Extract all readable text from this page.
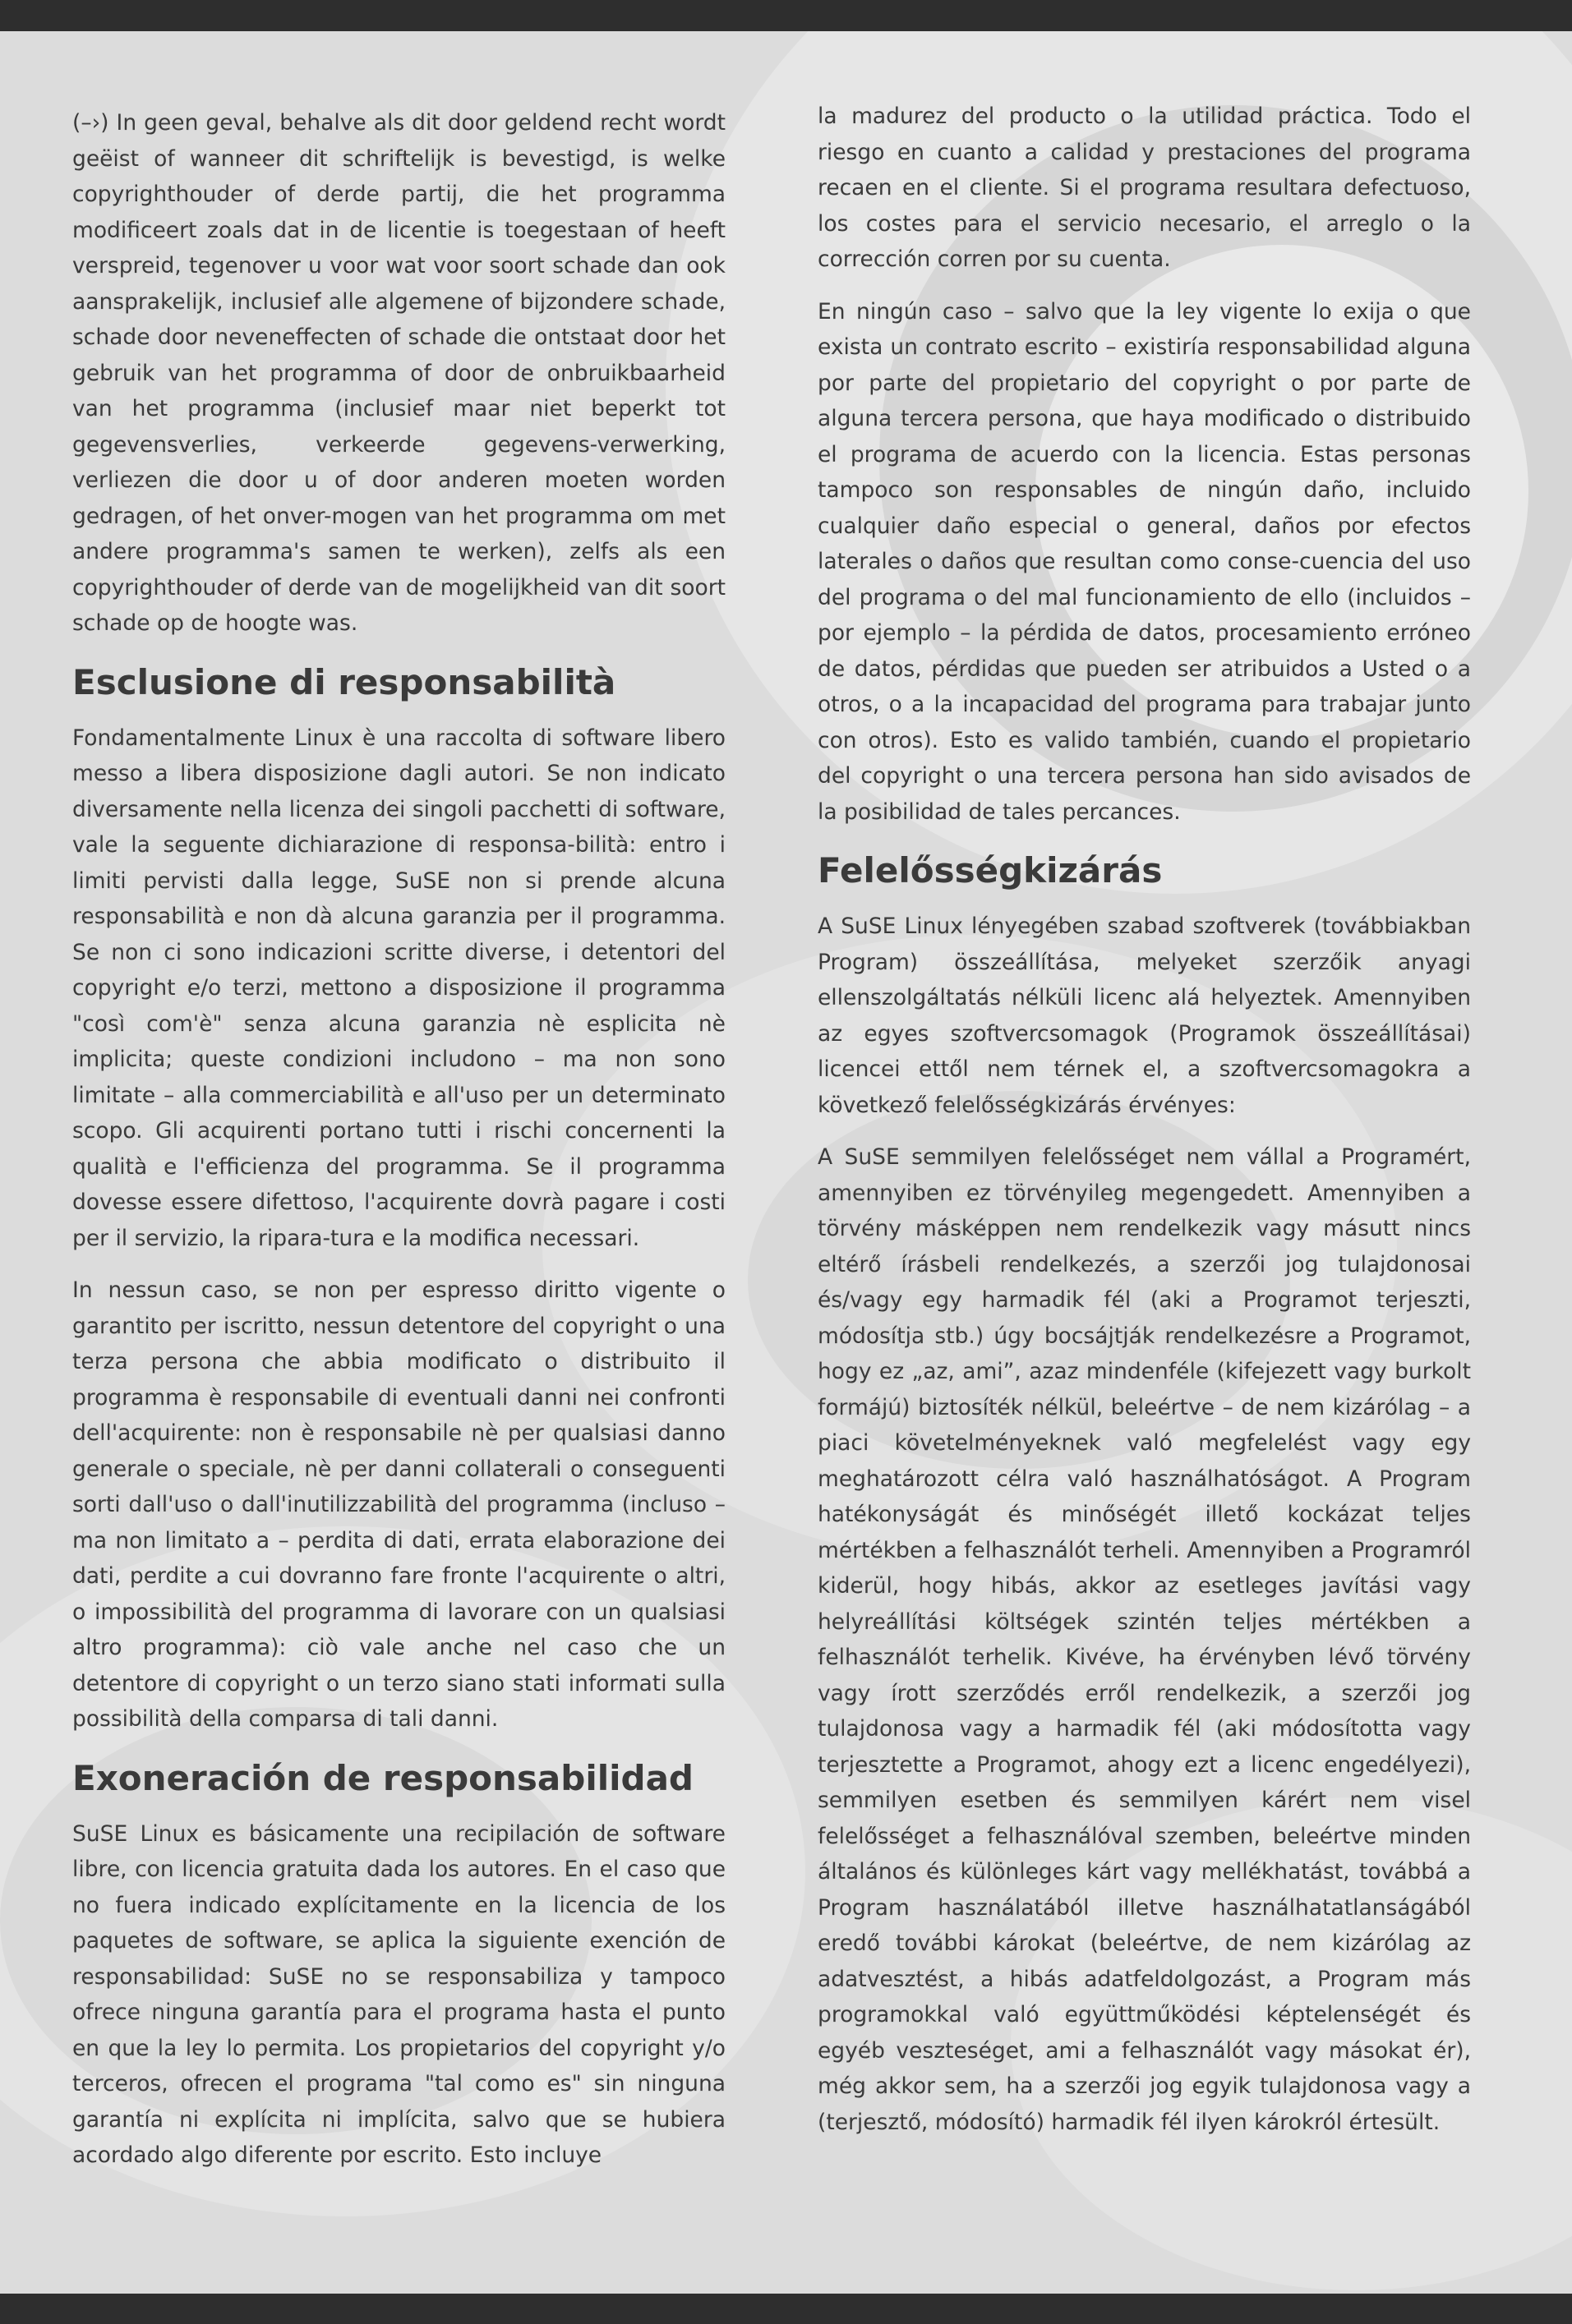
(–›) In geen geval, behalve als dit door geldend recht wordt geëist of wanneer dit schriftelijk is bevestigd, is welke copyrighthouder of derde partij, die het programma modificeert zoals dat in de licentie is toegestaan of heeft verspreid, tegenover u voor wat voor soort schade dan ook aansprakelijk, inclusief alle algemene of bijzondere schade, schade door neveneffecten of schade die ontstaat door het gebruik van het programma of door de onbruikbaarheid van het programma (inclusief maar niet beperkt tot gegevensverlies, verkeerde gegevens-verwerking, verliezen die door u of door anderen moeten worden gedragen, of het onver-mogen van het programma om met andere programma's samen te werken), zelfs als een copyrighthouder of derde van de mogelijkheid van dit soort schade op de hoogte was.

Esclusione di responsabilità

Fondamentalmente Linux è una raccolta di software libero messo a libera disposizione dagli autori. Se non indicato diversamente nella licenza dei singoli pacchetti di software, vale la seguente dichiarazione di responsa-bilità: entro i limiti pervisti dalla legge, SuSE non si prende alcuna responsabilità e non dà alcuna garanzia per il programma. Se non ci sono indicazioni scritte diverse, i detentori del copyright e/o terzi, mettono a disposizione il programma "così com'è" senza alcuna garanzia nè esplicita nè implicita; queste condizioni includono – ma non sono limitate – alla commerciabilità e all'uso per un determinato scopo. Gli acquirenti portano tutti i rischi concernenti la qualità e l'efficienza del programma. Se il programma dovesse essere difettoso, l'acquirente dovrà pagare i costi per il servizio, la ripara-tura e la modifica necessari.

In nessun caso, se non per espresso diritto vigente o garantito per iscritto, nessun detentore del copyright o una terza persona che abbia modificato o distribuito il programma è responsabile di eventuali danni nei confronti dell'acquirente: non è responsabile nè per qualsiasi danno generale o speciale, nè per danni collaterali o conseguenti sorti dall'uso o dall'inutilizzabilità del programma (incluso – ma non limitato a – perdita di dati, errata elaborazione dei dati, perdite a cui dovranno fare fronte l'acquirente o altri, o impossibilità del programma di lavorare con un qualsiasi altro programma): ciò vale anche nel caso che un detentore di copyright o un terzo siano stati informati sulla possibilità della comparsa di tali danni.

Exoneración de responsabilidad

SuSE Linux es básicamente una recipilación de software libre, con licencia gratuita dada los autores. En el caso que no fuera indicado explícitamente en la licencia de los paquetes de software, se aplica la siguiente exención de responsabilidad: SuSE no se responsabiliza y tampoco ofrece ninguna garantía para el programa hasta el punto en que la ley lo permita. Los propietarios del copyright y/o terceros, ofrecen el programa "tal como es" sin ninguna garantía ni explícita ni implícita, salvo que se hubiera acordado algo diferente por escrito. Esto incluye

la madurez del producto o la utilidad práctica. Todo el riesgo en cuanto a calidad y prestaciones del programa recaen en el cliente. Si el programa resultara defectuoso, los costes para el servicio necesario, el arreglo o la corrección corren por su cuenta.

En ningún caso – salvo que la ley vigente lo exija o que exista un contrato escrito – existiría responsabilidad alguna por parte del propietario del copyright o por parte de alguna tercera persona, que haya modificado o distribuido el programa de acuerdo con la licencia. Estas personas tampoco son responsables de ningún daño, incluido cualquier daño especial o general, daños por efectos laterales o daños que resultan como conse-cuencia del uso del programa o del mal funcionamiento de ello (incluidos – por ejemplo – la pérdida de datos, procesamiento erróneo de datos, pérdidas que pueden ser atribuidos a Usted o a otros, o a la incapacidad del programa para trabajar junto con otros). Esto es valido también, cuando el propietario del copyright o una tercera persona han sido avisados de la posibilidad de tales percances.

Felelősségkizárás

A SuSE Linux lényegében szabad szoftverek (továbbiakban Program) összeállítása, melyeket szerzőik anyagi ellenszolgáltatás nélküli licenc alá helyeztek. Amennyiben az egyes szoftvercsomagok (Programok összeállításai) licencei ettől nem térnek el, a szoftvercsomagokra a következő felelősségkizárás érvényes:

A SuSE semmilyen felelősséget nem vállal a Programért, amennyiben ez törvényileg megengedett. Amennyiben a törvény másképpen nem rendelkezik vagy másutt nincs eltérő írásbeli rendelkezés, a szerzői jog tulajdonosai és/vagy egy harmadik fél (aki a Programot terjeszti, módosítja stb.) úgy bocsájtják rendelkezésre a Programot, hogy ez „az, ami”, azaz mindenféle (kifejezett vagy burkolt formájú) biztosíték nélkül, beleértve – de nem kizárólag – a piaci követelményeknek való megfelelést vagy egy meghatározott célra való használhatóságot. A Program hatékonyságát és minőségét illető kockázat teljes mértékben a felhasználót terheli. Amennyiben a Programról kiderül, hogy hibás, akkor az esetleges javítási vagy helyreállítási költségek szintén teljes mértékben a felhasználót terhelik. Kivéve, ha érvényben lévő törvény vagy írott szerződés erről rendelkezik, a szerzői jog tulajdonosa vagy a harmadik fél (aki módosította vagy terjesztette a Programot, ahogy ezt a licenc engedélyezi), semmilyen esetben és semmilyen kárért nem visel felelősséget a felhasználóval szemben, beleértve minden általános és különleges kárt vagy mellékhatást, továbbá a Program használatából illetve használhatatlanságából eredő további károkat (beleértve, de nem kizárólag az adatvesztést, a hibás adatfeldolgozást, a Program más programokkal való együttműködési képtelenségét és egyéb veszteséget, ami a felhasználót vagy másokat ér), még akkor sem, ha a szerzői jog egyik tulajdonosa vagy a (terjesztő, módosító) harmadik fél ilyen károkról értesült.
